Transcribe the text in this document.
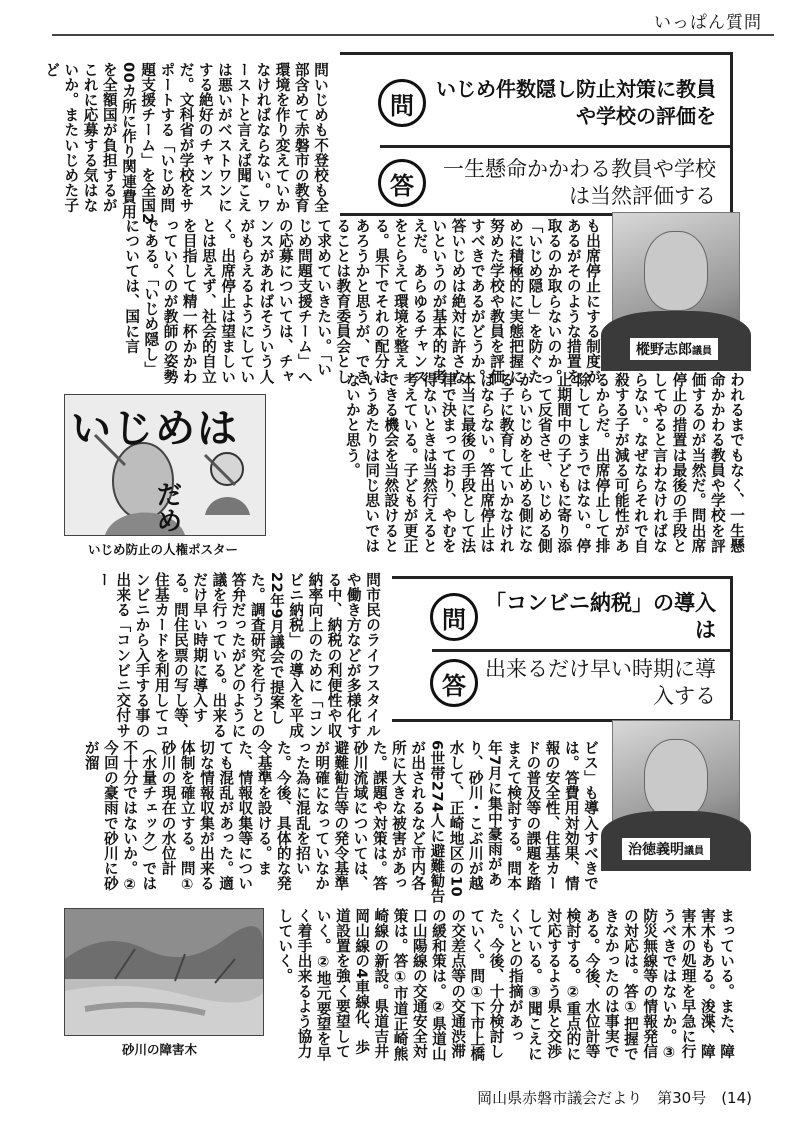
いっぱん質問
問いじめも不登校も全部含めて赤磐市の教育環境を作り変えていかなければならない。ワーストと言えば聞こえは悪いがベストワンにする絶好のチャンスだ。文科省が学校をサポートする「いじめ問題支援チーム」を全国200カ所に作り関連費用を全額国が負担するがこれに応募する気はないか。またいじめた子ど
問
いじめ件数隠し防止対策に教員や学校の評価を
答
一生懸命かかわる教員や学校は当然評価する
も出席停止にする制度があるがそのような措置を取るのか取らないのか。「いじめ隠し」を防ぐために積極的に実態把握に努めた学校や教員を評価すべきであるがどうか。答いじめは絶対に許さないというのが基本的な考えだ。あらゆるチャンスをとらえて環境を整える。県下でそれの配分はあろうかと思うが、できることは教育委員会として求めていきたい。「いじめ問題支援チーム」への応募については、チャンスがあればそういう人がもらえるようにしていく。出席停止は望ましいとは思えず、社会的自立を目指して精一杯かかわっていくのが教師の姿勢である。「いじめ隠し」については、国に言	樅野志郎議員
われるまでもなく、一生懸命かかわる教員や学校を評価するのが当然だ。問出席停止の措置は最後の手段としてやると言わなければならない。なぜならそれで自殺する子が減る可能性があるからだ。出席停止して排除してしまうではない。停止期間中の子どもに寄り添って反省させ、いじめる側からいじめを止める側になる子に教育していかなければならない。答出席停止は本当に最後の手段として法律で決まっており、やむを得ないときは当然行えると考えている。子どもが更正できる機会を当然設けるというあたりは同じ思いではないかと思う。
いじめは
だめ
いじめ防止の人権ポスター
問
「コンビニ納税」の導入は
答
出来るだけ早い時期に導入する
問市民のライフスタイルや働き方などが多様化する中、納税の利便性や収納率向上のために「コンビニ納税」の導入を平成22年9月議会で提案した。調査研究を行うとの答弁だったがどのように議を行っている。出来るだけ早い時期に導入する。問住民票の写し等、住基カードを利用してコンビニから入手する事の出来る「コンビニ交付サー
治徳義明議員
ビス」も導入すべきでは。答費用対効果、情報の安全性、住基カードの普及等の課題を踏まえて検討する。問本年7月に集中豪雨があり、砂川・こぶ川が越水して、正崎地区の106世帯274人に避難勧告が出されるなど市内各所に大きな被害があった。課題や対策は。答砂川流域については、避難勧告等の発令基準が明確になっていなかった為に混乱を招いた。今後、具体的な発令基準を設ける。また、情報収集等についても混乱があった。適切な情報収集が出来る体制を確立する。問①砂川の現在の水位計（水量チェック）では不十分ではないか。②今回の豪雨で砂川に砂が溜
砂川の障害木	まっている。また、障害木もある。浚渫、障害木の処理を早急に行うべきではないか。③防災無線等の情報発信の対応は。答①把握できなかったのは事実である。今後、水位計等検討する。②重点的に対応するよう県と交渉している。③聞こえにくいとの指摘があった。今後、十分検討していく。問①下市上橋の交差点等の交通渋滞の緩和策は。②県道山口山陽線の交通安全対策は。答①市道正崎熊崎線の新設。県道吉井岡山線の4車線化、歩道設置を強く要望していく。②地元要望を早く着手出来るよう協力していく。
岡山県赤磐市議会だより　第30号　(14)
